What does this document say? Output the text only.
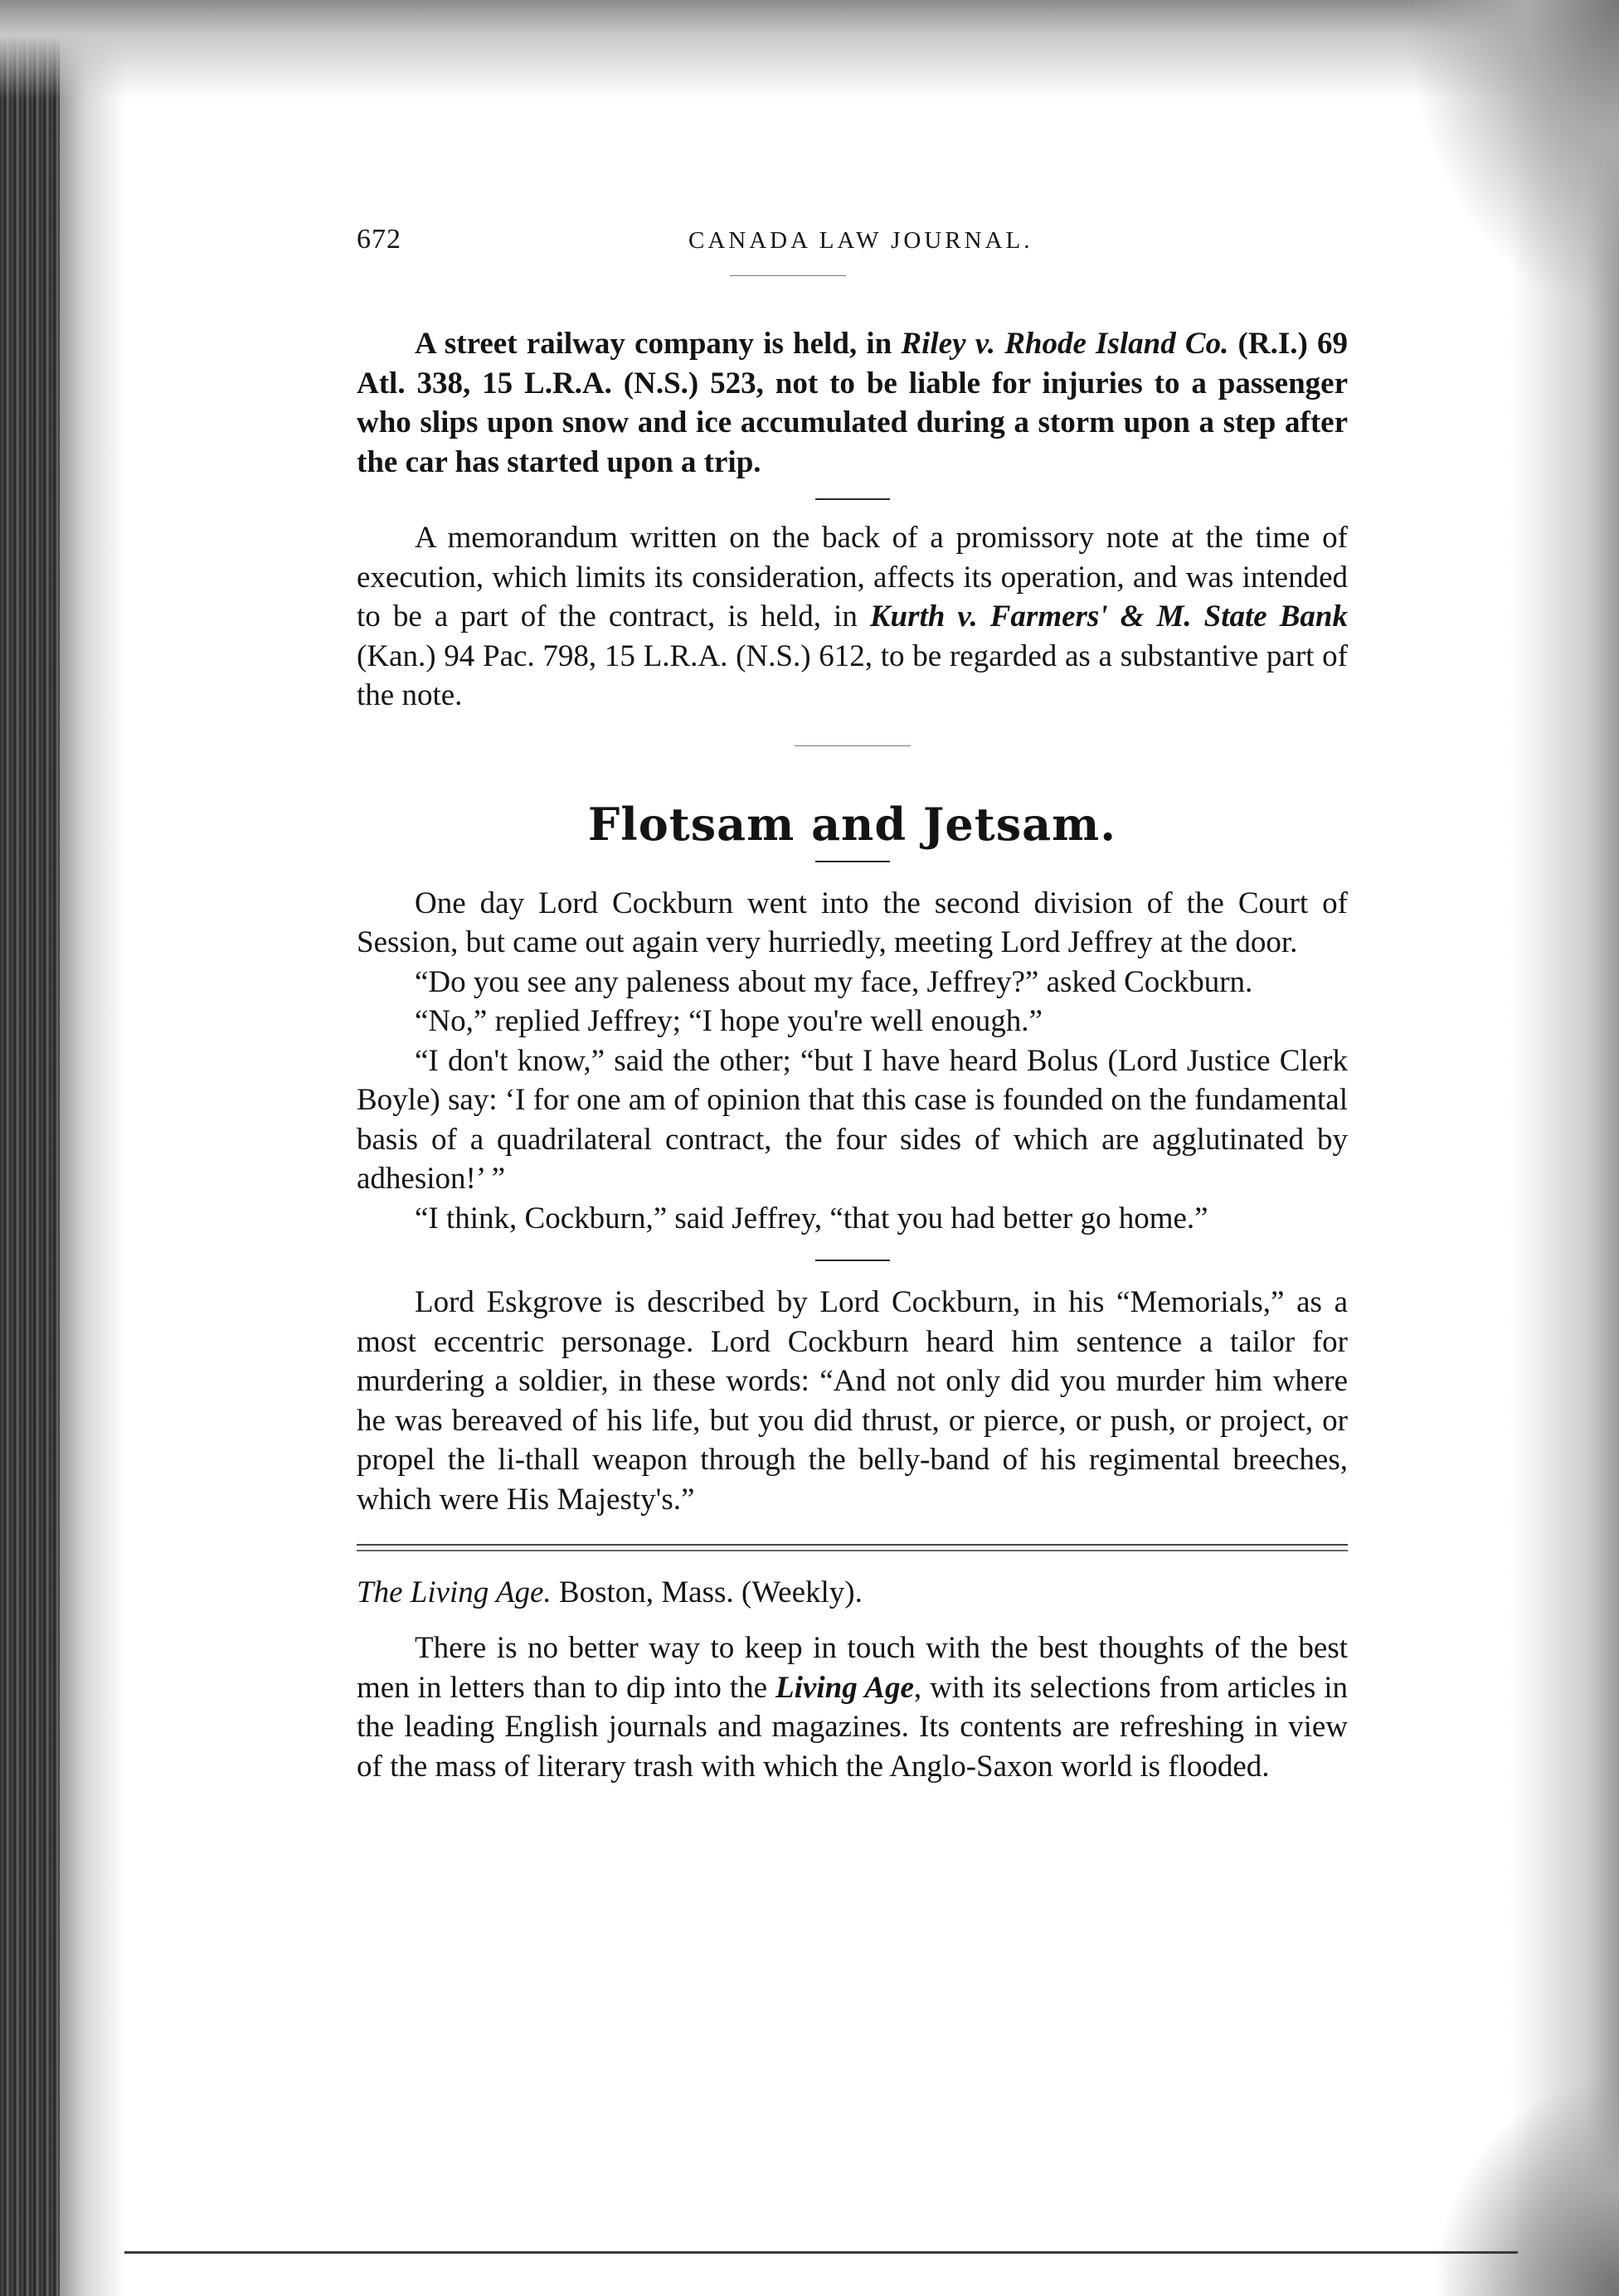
672	CANADA LAW JOURNAL.

A street railway company is held, in Riley v. Rhode Island Co. (R.I.) 69 Atl. 338, 15 L.R.A. (N.S.) 523, not to be liable for injuries to a passenger who slips upon snow and ice accumulated during a storm upon a step after the car has started upon a trip.

A memorandum written on the back of a promissory note at the time of execution, which limits its consideration, affects its operation, and was intended to be a part of the contract, is held, in Kurth v. Farmers' & M. State Bank (Kan.) 94 Pac. 798, 15 L.R.A. (N.S.) 612, to be regarded as a substantive part of the note.

Flotsam and Jetsam.

One day Lord Cockburn went into the second division of the Court of Session, but came out again very hurriedly, meeting Lord Jeffrey at the door.

“Do you see any paleness about my face, Jeffrey?” asked Cockburn.

“No,” replied Jeffrey; “I hope you're well enough.”

“I don't know,” said the other; “but I have heard Bolus (Lord Justice Clerk Boyle) say: ‘I for one am of opinion that this case is founded on the fundamental basis of a quadrilateral contract, the four sides of which are agglutinated by adhesion!’ ”

“I think, Cockburn,” said Jeffrey, “that you had better go home.”

Lord Eskgrove is described by Lord Cockburn, in his “Memorials,” as a most eccentric personage. Lord Cockburn heard him sentence a tailor for murdering a soldier, in these words: “And not only did you murder him where he was bereaved of his life, but you did thrust, or pierce, or push, or project, or propel the li-thall weapon through the belly-band of his regimental breeches, which were His Majesty's.”

The Living Age. Boston, Mass. (Weekly).

There is no better way to keep in touch with the best thoughts of the best men in letters than to dip into the Living Age, with its selections from articles in the leading English journals and magazines. Its contents are refreshing in view of the mass of literary trash with which the Anglo-Saxon world is flooded.
